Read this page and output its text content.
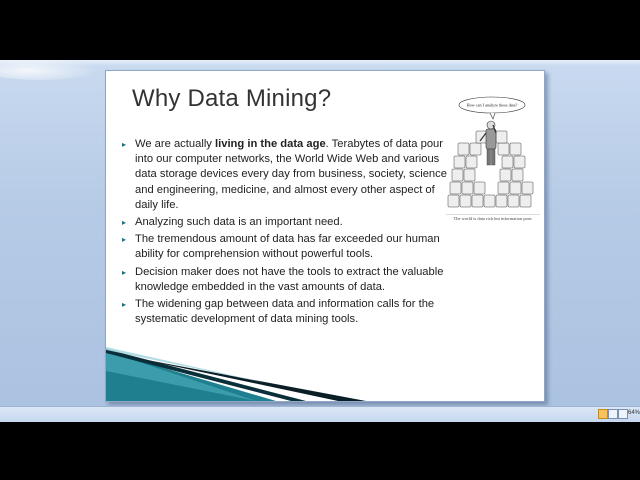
Why Data Mining?
▸ We are actually living in the data age. Terabytes of data pour into our computer networks, the World Wide Web and various data storage devices every day from business, society, science and engineering, medicine, and almost every other aspect of daily life.
▸ Analyzing such data is an important need.
▸ The tremendous amount of data has far exceeded our human ability for comprehension without powerful tools.
▸ Decision maker does not have the tools to extract the valuable knowledge embedded in the vast amounts of data.
▸ The widening gap between data and information calls for the systematic development of data mining tools.
How can I analyze these data?
The world is data rich but information poor.
64%
